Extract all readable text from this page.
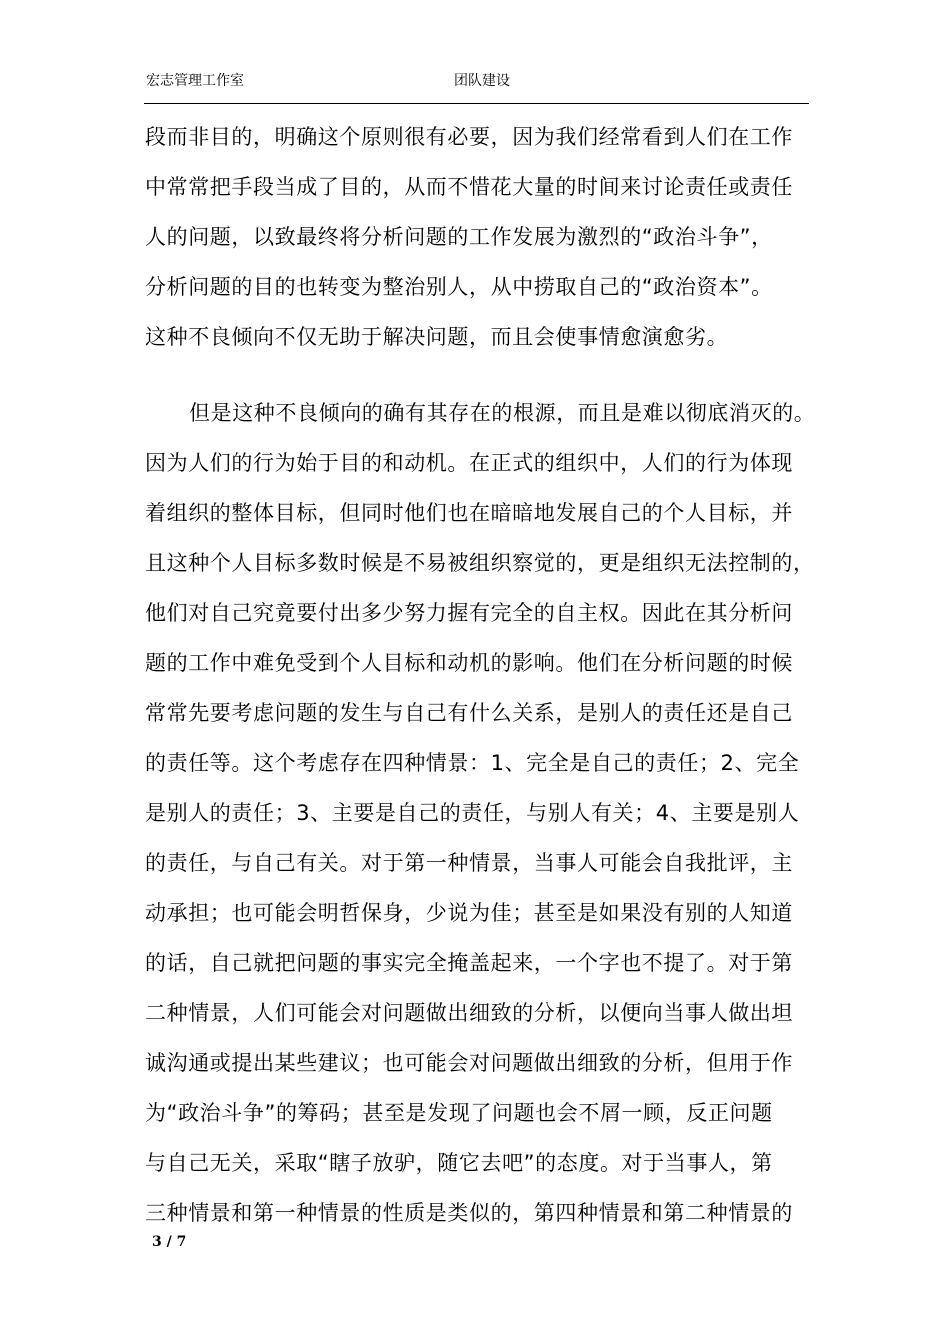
宏志管理工作室	团队建设
段而非目的，明确这个原则很有必要，因为我们经常看到人们在工作
中常常把手段当成了目的，从而不惜花大量的时间来讨论责任或责任
人的问题，以致最终将分析问题的工作发展为激烈的“政治斗争”，
分析问题的目的也转变为整治别人，从中捞取自己的“政治资本”。
这种不良倾向不仅无助于解决问题，而且会使事情愈演愈劣。
但是这种不良倾向的确有其存在的根源，而且是难以彻底消灭的。
因为人们的行为始于目的和动机。在正式的组织中，人们的行为体现
着组织的整体目标，但同时他们也在暗暗地发展自己的个人目标，并
且这种个人目标多数时候是不易被组织察觉的，更是组织无法控制的，
他们对自己究竟要付出多少努力握有完全的自主权。因此在其分析问
题的工作中难免受到个人目标和动机的影响。他们在分析问题的时候
常常先要考虑问题的发生与自己有什么关系，是别人的责任还是自己
的责任等。这个考虑存在四种情景：1、完全是自己的责任；2、完全
是别人的责任；3、主要是自己的责任，与别人有关；4、主要是别人
的责任，与自己有关。对于第一种情景，当事人可能会自我批评，主
动承担；也可能会明哲保身，少说为佳；甚至是如果没有别的人知道
的话，自己就把问题的事实完全掩盖起来，一个字也不提了。对于第
二种情景，人们可能会对问题做出细致的分析，以便向当事人做出坦
诚沟通或提出某些建议；也可能会对问题做出细致的分析，但用于作
为“政治斗争”的筹码；甚至是发现了问题也会不屑一顾，反正问题
与自己无关，采取“瞎子放驴，随它去吧”的态度。对于当事人，第
三种情景和第一种情景的性质是类似的，第四种情景和第二种情景的
3 / 7
